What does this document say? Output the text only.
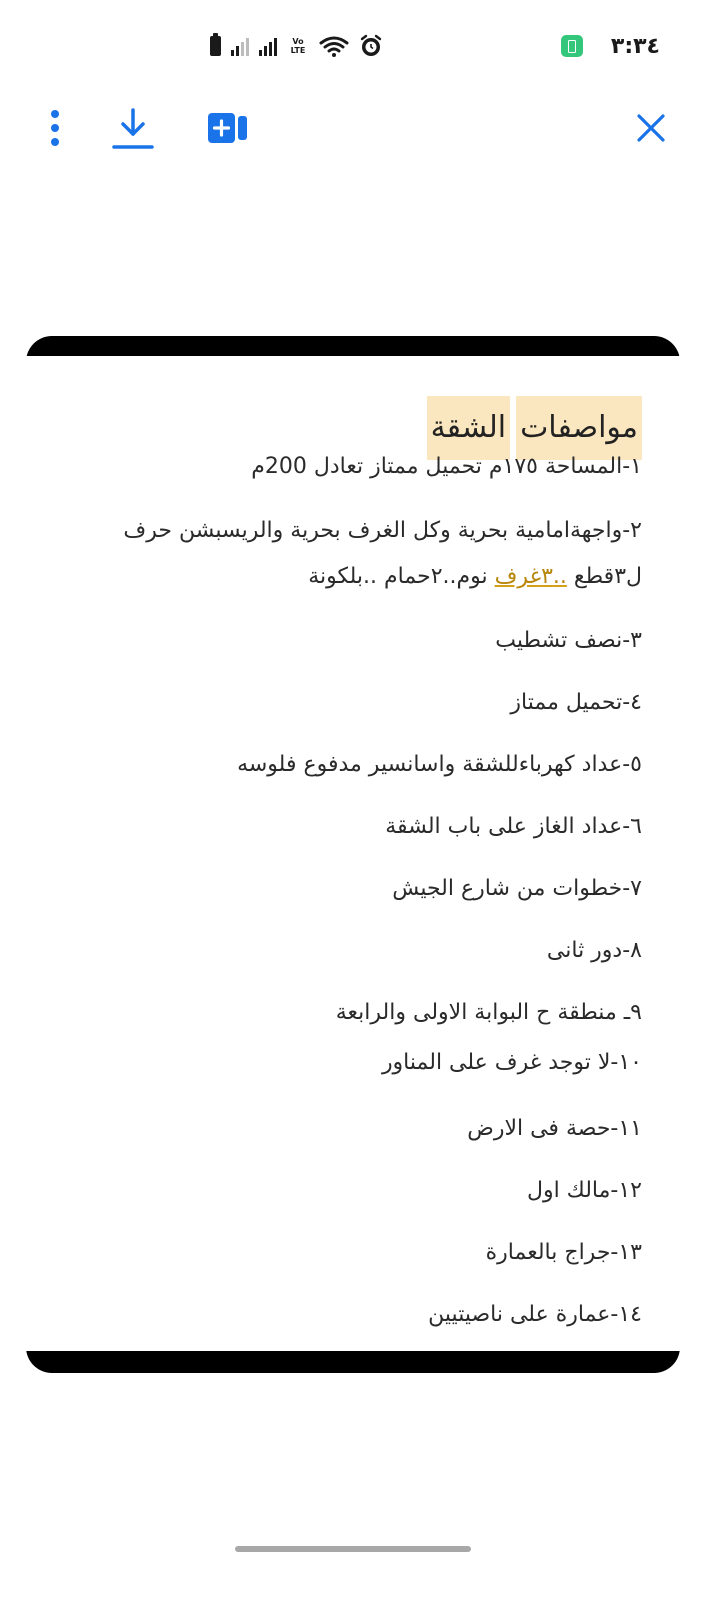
Vo
LTE	٣:٣٤
مواصفات
الشقة
١-المساحة ١٧٥م تحميل ممتاز تعادل 200م
٢-واجهةامامية بحرية وكل الغرف بحرية والريسبشن حرف
ل٣قطع ..٣غرف نوم..٢حمام ..بلكونة
٣-نصف تشطيب
٤-تحميل ممتاز
٥-عداد كهرباءللشقة واسانسير مدفوع فلوسه
٦-عداد الغاز على باب الشقة
٧-خطوات من شارع الجيش
٨-دور ثانى
٩ـ منطقة ح البوابة الاولى والرابعة
١٠-لا توجد غرف على المناور
١١-حصة فى الارض
١٢-مالك اول
١٣-جراج بالعمارة
١٤-عمارة على ناصيتيين
